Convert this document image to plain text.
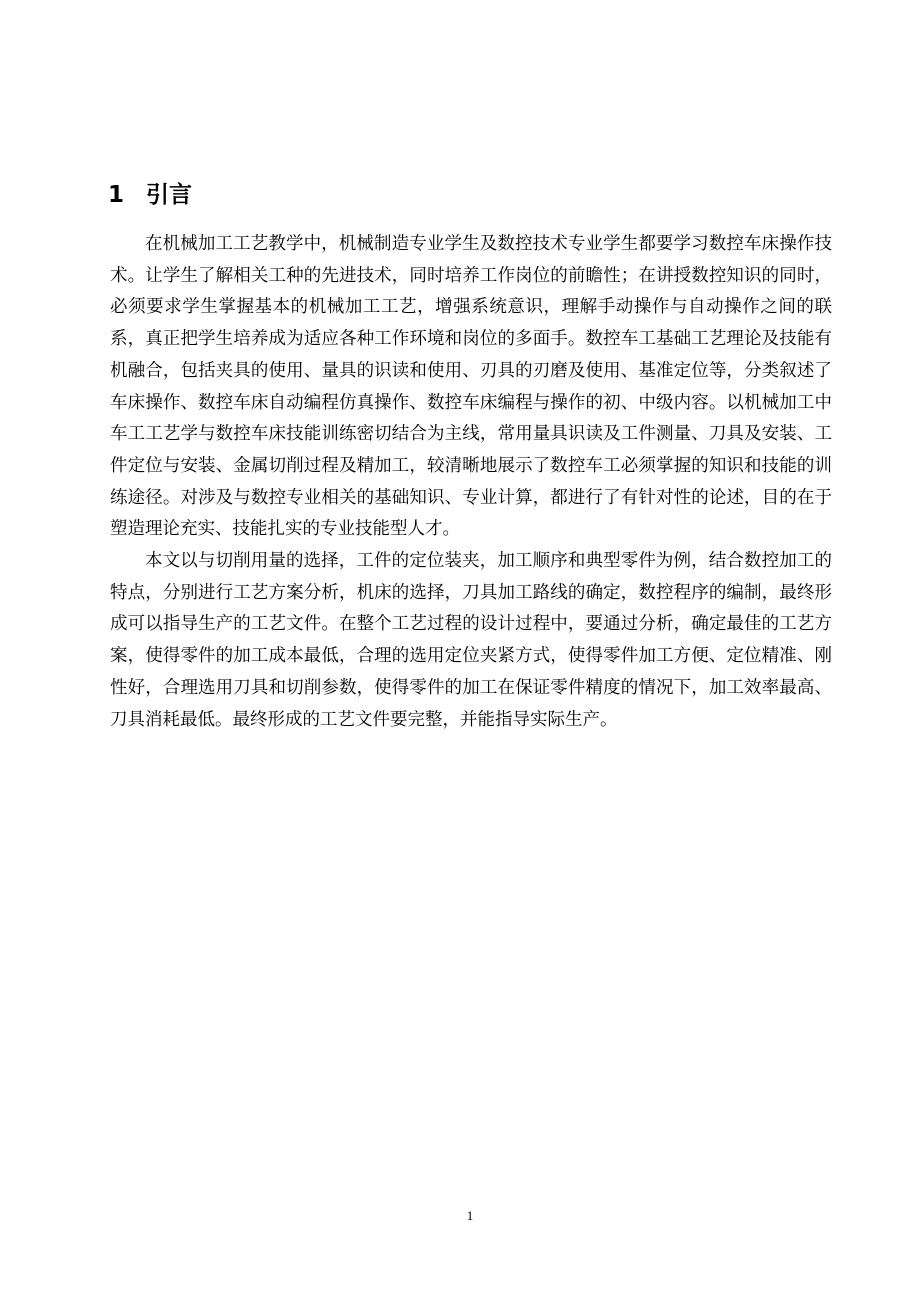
1 引言

在机械加工工艺教学中，机械制造专业学生及数控技术专业学生都要学习数控车床操作技术。让学生了解相关工种的先进技术，同时培养工作岗位的前瞻性；在讲授数控知识的同时，必须要求学生掌握基本的机械加工工艺，增强系统意识，理解手动操作与自动操作之间的联系，真正把学生培养成为适应各种工作环境和岗位的多面手。数控车工基础工艺理论及技能有机融合，包括夹具的使用、量具的识读和使用、刃具的刃磨及使用、基准定位等，分类叙述了车床操作、数控车床自动编程仿真操作、数控车床编程与操作的初、中级内容。以机械加工中车工工艺学与数控车床技能训练密切结合为主线，常用量具识读及工件测量、刀具及安装、工件定位与安装、金属切削过程及精加工，较清晰地展示了数控车工必须掌握的知识和技能的训练途径。对涉及与数控专业相关的基础知识、专业计算，都进行了有针对性的论述，目的在于塑造理论充实、技能扎实的专业技能型人才。

本文以与切削用量的选择，工件的定位装夹，加工顺序和典型零件为例，结合数控加工的特点，分别进行工艺方案分析，机床的选择，刀具加工路线的确定，数控程序的编制，最终形成可以指导生产的工艺文件。在整个工艺过程的设计过程中，要通过分析，确定最佳的工艺方案，使得零件的加工成本最低，合理的选用定位夹紧方式，使得零件加工方便、定位精准、刚性好，合理选用刀具和切削参数，使得零件的加工在保证零件精度的情况下，加工效率最高、刀具消耗最低。最终形成的工艺文件要完整，并能指导实际生产。

1
